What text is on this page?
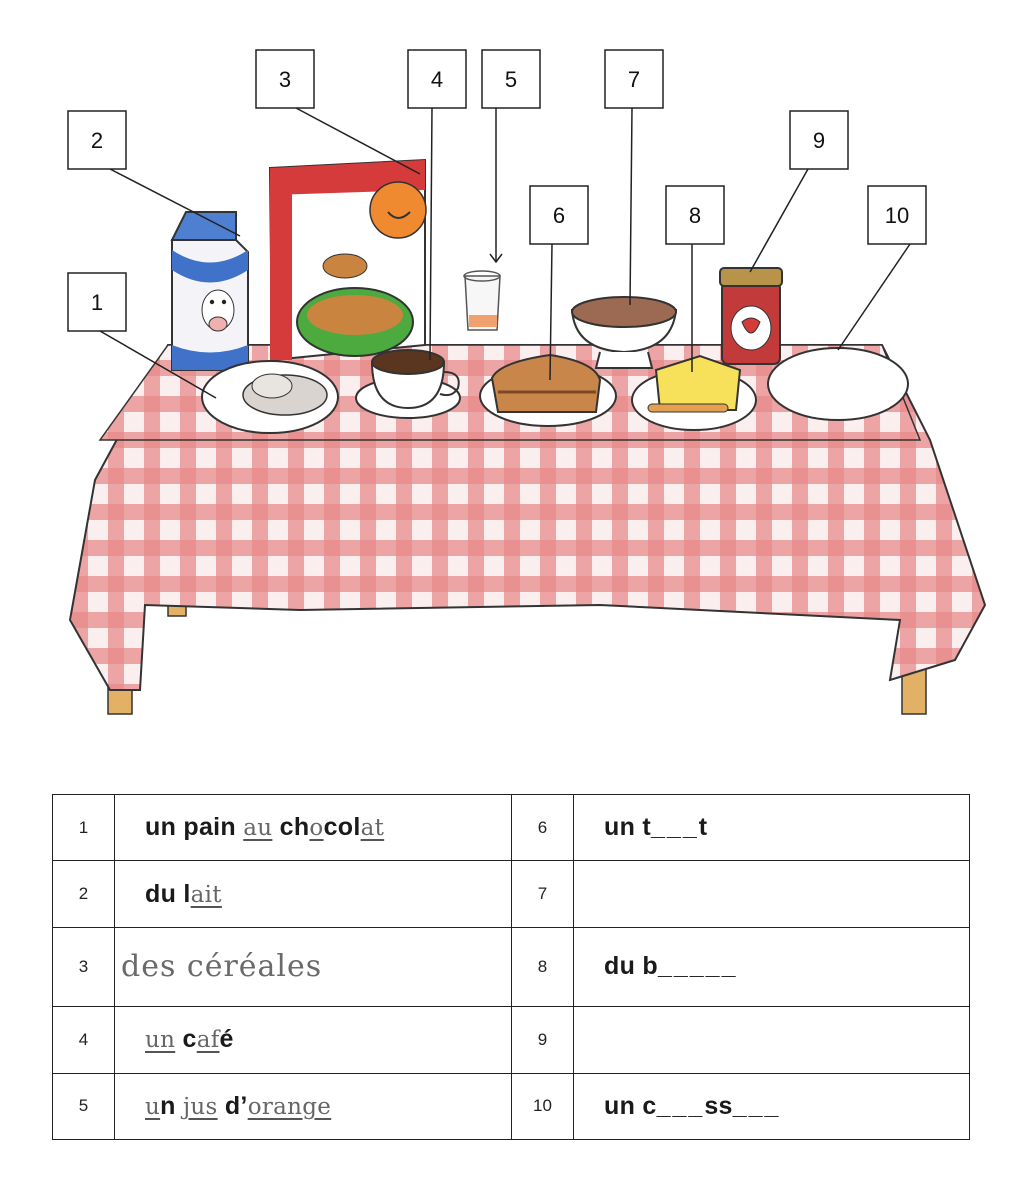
1
2
3	4	5
6
7
8
9
10
1	un pain au chocolat	6	un t___t
2	du lait	7	
3	des céréales	8	du b_____
4	un café	9	
5	un jus d’orange	10	un c___ss___
